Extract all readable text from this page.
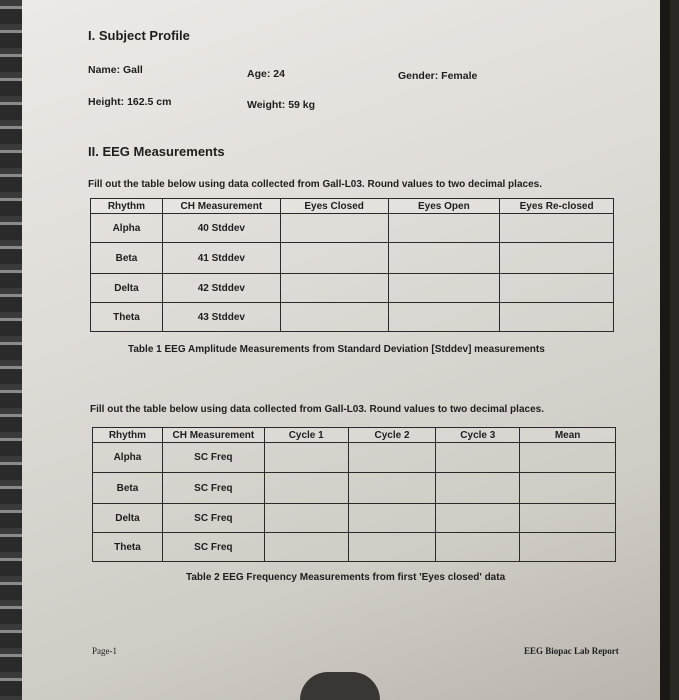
I. Subject Profile
Name: Gall	Age: 24	Gender: Female
Height: 162.5 cm	Weight: 59 kg
II. EEG Measurements
Fill out the table below using data collected from Gall-L03. Round values to two decimal places.
Rhythm	CH Measurement	Eyes Closed	Eyes Open	Eyes Re-closed
Alpha	40 Stddev			
Beta	41 Stddev			
Delta	42 Stddev			
Theta	43 Stddev			
Table 1 EEG Amplitude Measurements from Standard Deviation [Stddev] measurements
Fill out the table below using data collected from Gall-L03. Round values to two decimal places.
Rhythm	CH Measurement	Cycle 1	Cycle 2	Cycle 3	Mean
Alpha	SC Freq				
Beta	SC Freq				
Delta	SC Freq				
Theta	SC Freq				
Table 2 EEG Frequency Measurements from first 'Eyes closed' data
Page-1	EEG Biopac Lab Report
